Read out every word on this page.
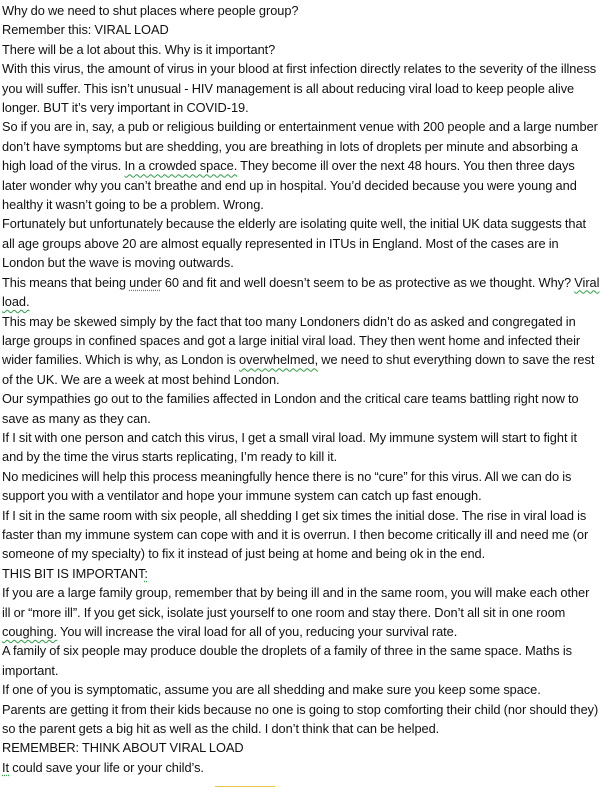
Why do we need to shut places where people group?

Remember this: VIRAL LOAD

There will be a lot about this. Why is it important?

With this virus, the amount of virus in your blood at first infection directly relates to the severity of the illness you will suffer. This isn’t unusual - HIV management is all about reducing viral load to keep people alive longer. BUT it’s very important in COVID-19.

So if you are in, say, a pub or religious building or entertainment venue with 200 people and a large number don’t have symptoms but are shedding, you are breathing in lots of droplets per minute and absorbing a high load of the virus. In a crowded space. They become ill over the next 48 hours. You then three days later wonder why you can’t breathe and end up in hospital. You’d decided because you were young and healthy it wasn’t going to be a problem. Wrong.

Fortunately but unfortunately because the elderly are isolating quite well, the initial UK data suggests that all age groups above 20 are almost equally represented in ITUs in England. Most of the cases are in London but the wave is moving outwards.

This means that being under 60 and fit and well doesn’t seem to be as protective as we thought. Why? Viral load.

This may be skewed simply by the fact that too many Londoners didn’t do as asked and congregated in large groups in confined spaces and got a large initial viral load. They then went home and infected their wider families. Which is why, as London is overwhelmed, we need to shut everything down to save the rest of the UK. We are a week at most behind London.

Our sympathies go out to the families affected in London and the critical care teams battling right now to save as many as they can.

If I sit with one person and catch this virus, I get a small viral load. My immune system will start to fight it and by the time the virus starts replicating, I’m ready to kill it.

No medicines will help this process meaningfully hence there is no “cure” for this virus. All we can do is support you with a ventilator and hope your immune system can catch up fast enough.

If I sit in the same room with six people, all shedding I get six times the initial dose. The rise in viral load is faster than my immune system can cope with and it is overrun. I then become critically ill and need me (or someone of my specialty) to fix it instead of just being at home and being ok in the end.

THIS BIT IS IMPORTANT:

If you are a large family group, remember that by being ill and in the same room, you will make each other ill or “more ill”. If you get sick, isolate just yourself to one room and stay there. Don’t all sit in one room coughing. You will increase the viral load for all of you, reducing your survival rate.

A family of six people may produce double the droplets of a family of three in the same space. Maths is important.

If one of you is symptomatic, assume you are all shedding and make sure you keep some space.

Parents are getting it from their kids because no one is going to stop comforting their child (nor should they) so the parent gets a big hit as well as the child. I don’t think that can be helped.

REMEMBER: THINK ABOUT VIRAL LOAD

It could save your life or your child’s.
